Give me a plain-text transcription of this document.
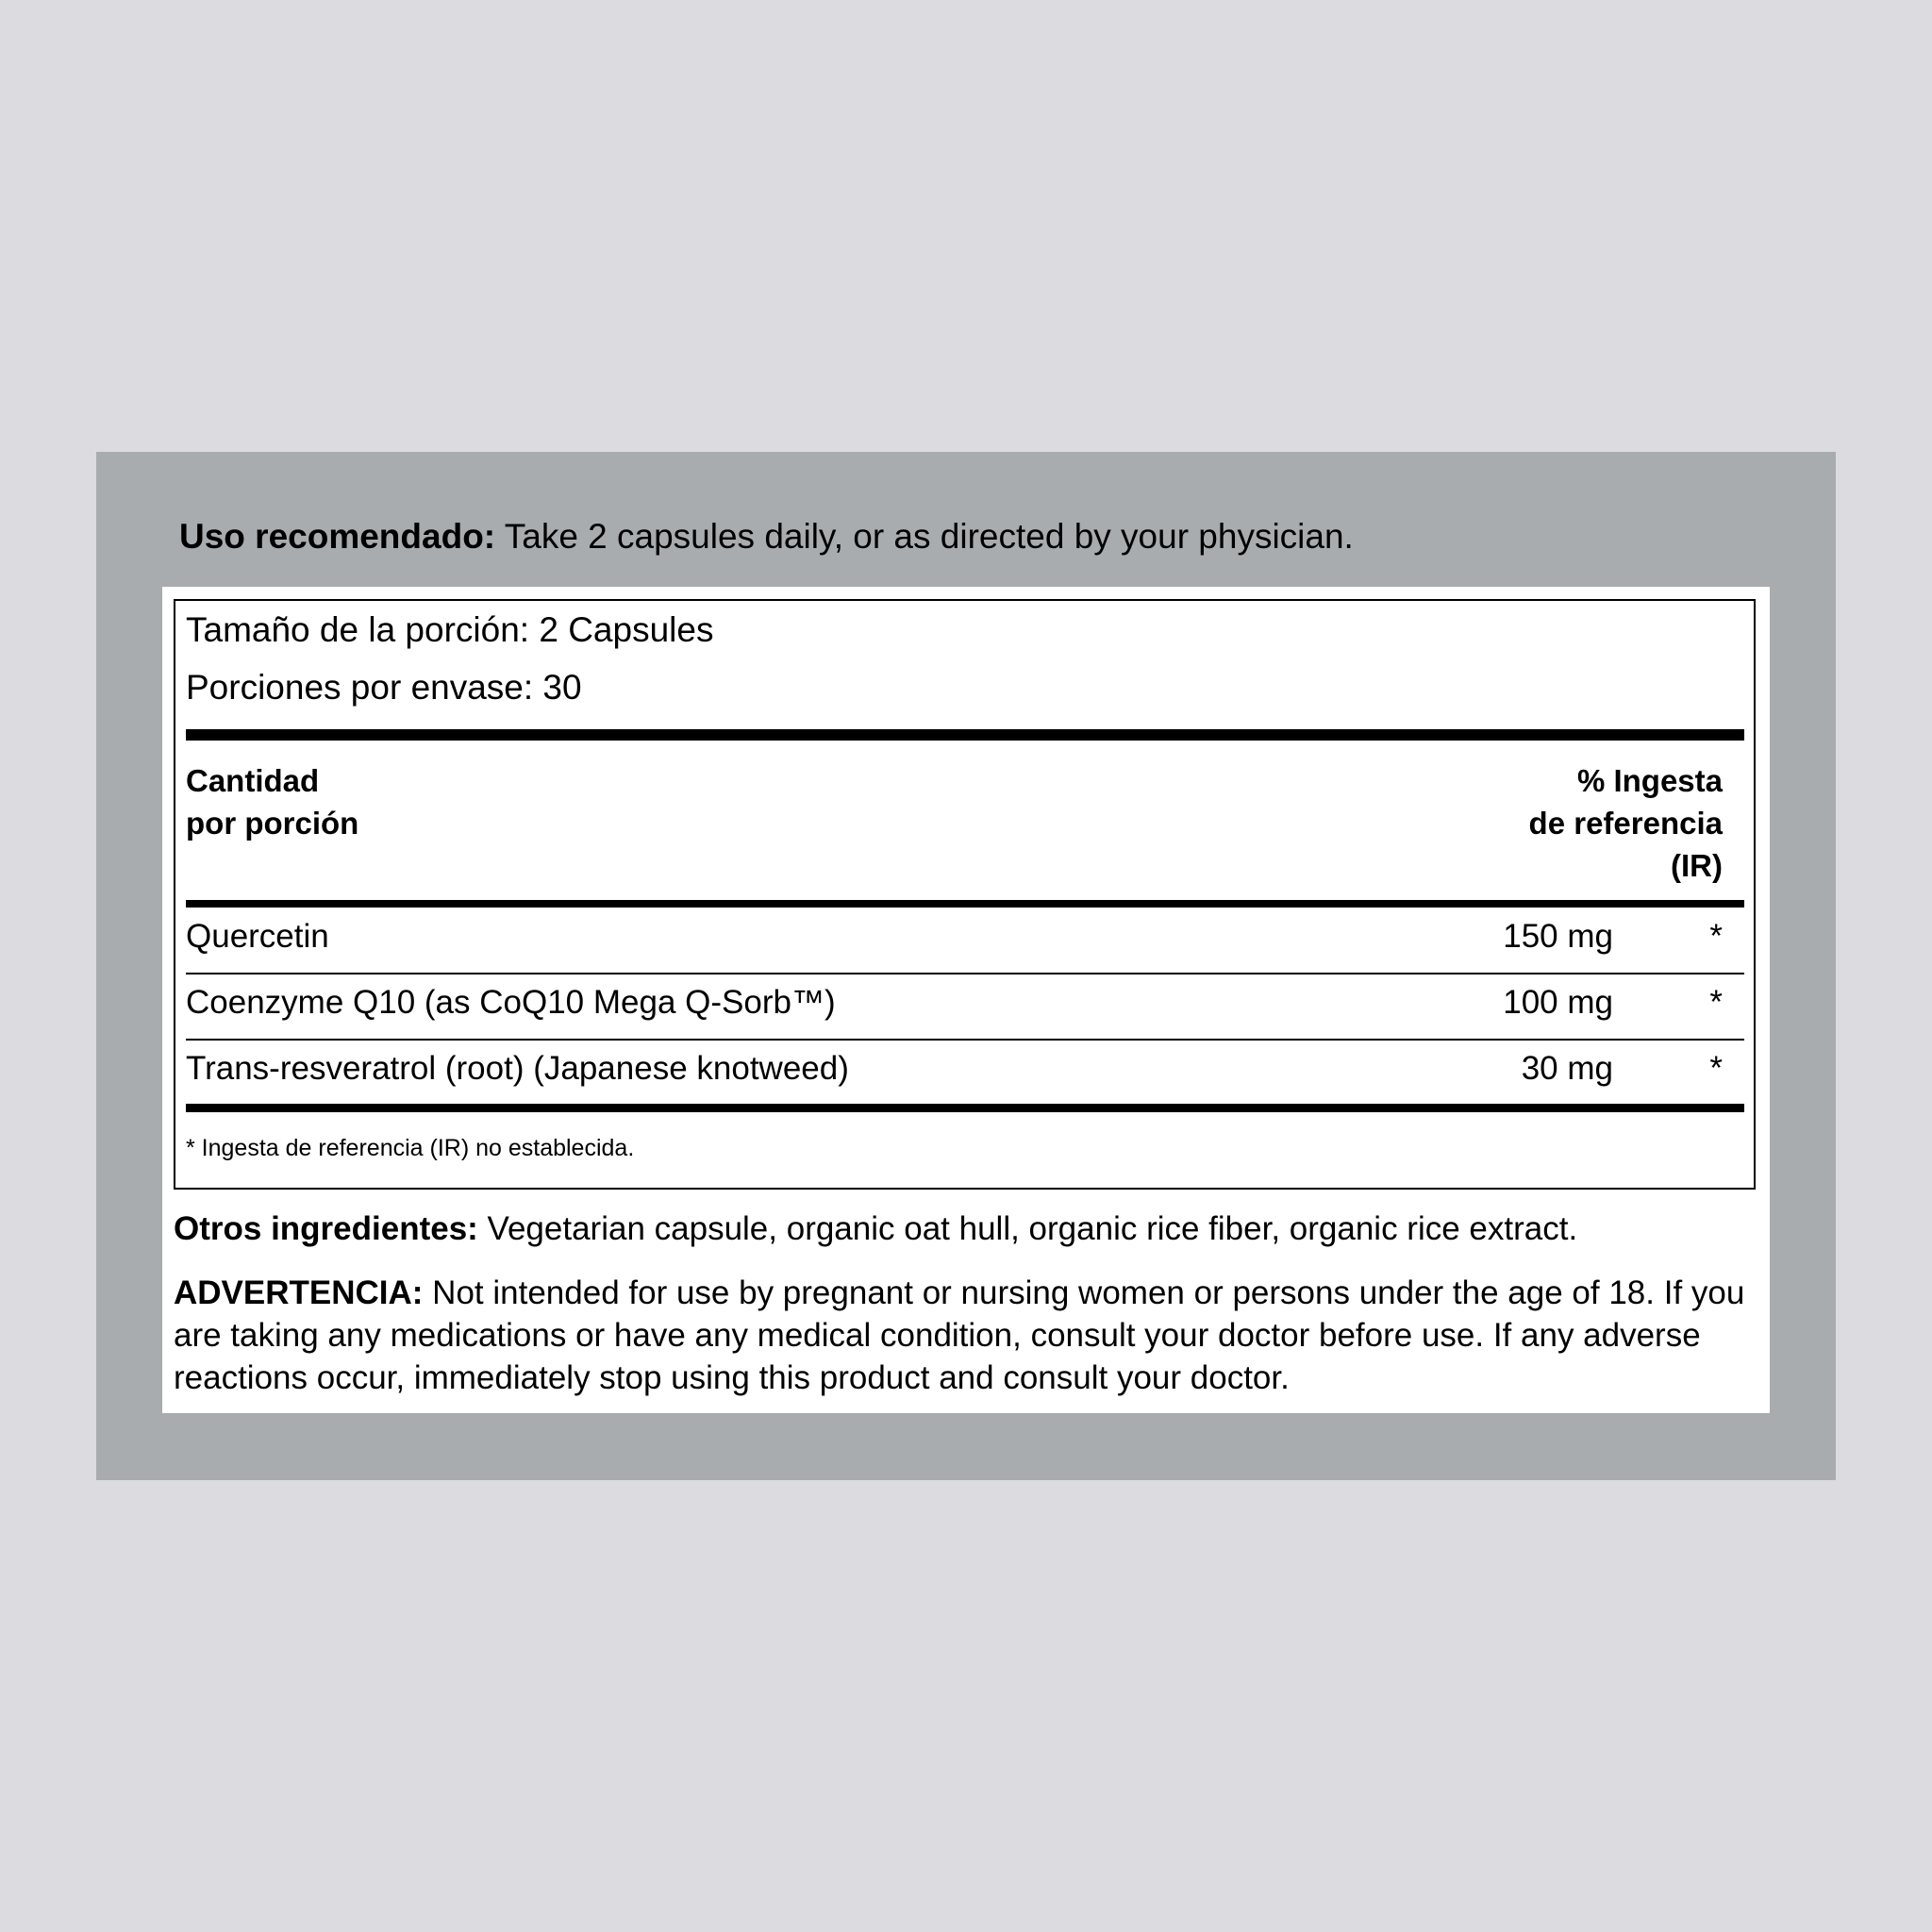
Uso recomendado: Take 2 capsules daily, or as directed by your physician.
Tamaño de la porción: 2 Capsules
Porciones por envase: 30
Cantidad
por porción
% Ingesta
de referencia
(IR)
Quercetin	150 mg	*
Coenzyme Q10 (as CoQ10 Mega Q-Sorb™)	100 mg	*
Trans-resveratrol (root) (Japanese knotweed)	30 mg	*
* Ingesta de referencia (IR) no establecida.
Otros ingredientes: Vegetarian capsule, organic oat hull, organic rice fiber, organic rice extract.
ADVERTENCIA: Not intended for use by pregnant or nursing women or persons under the age of 18. If you are taking any medications or have any medical condition, consult your doctor before use. If any adverse reactions occur, immediately stop using this product and consult your doctor.
